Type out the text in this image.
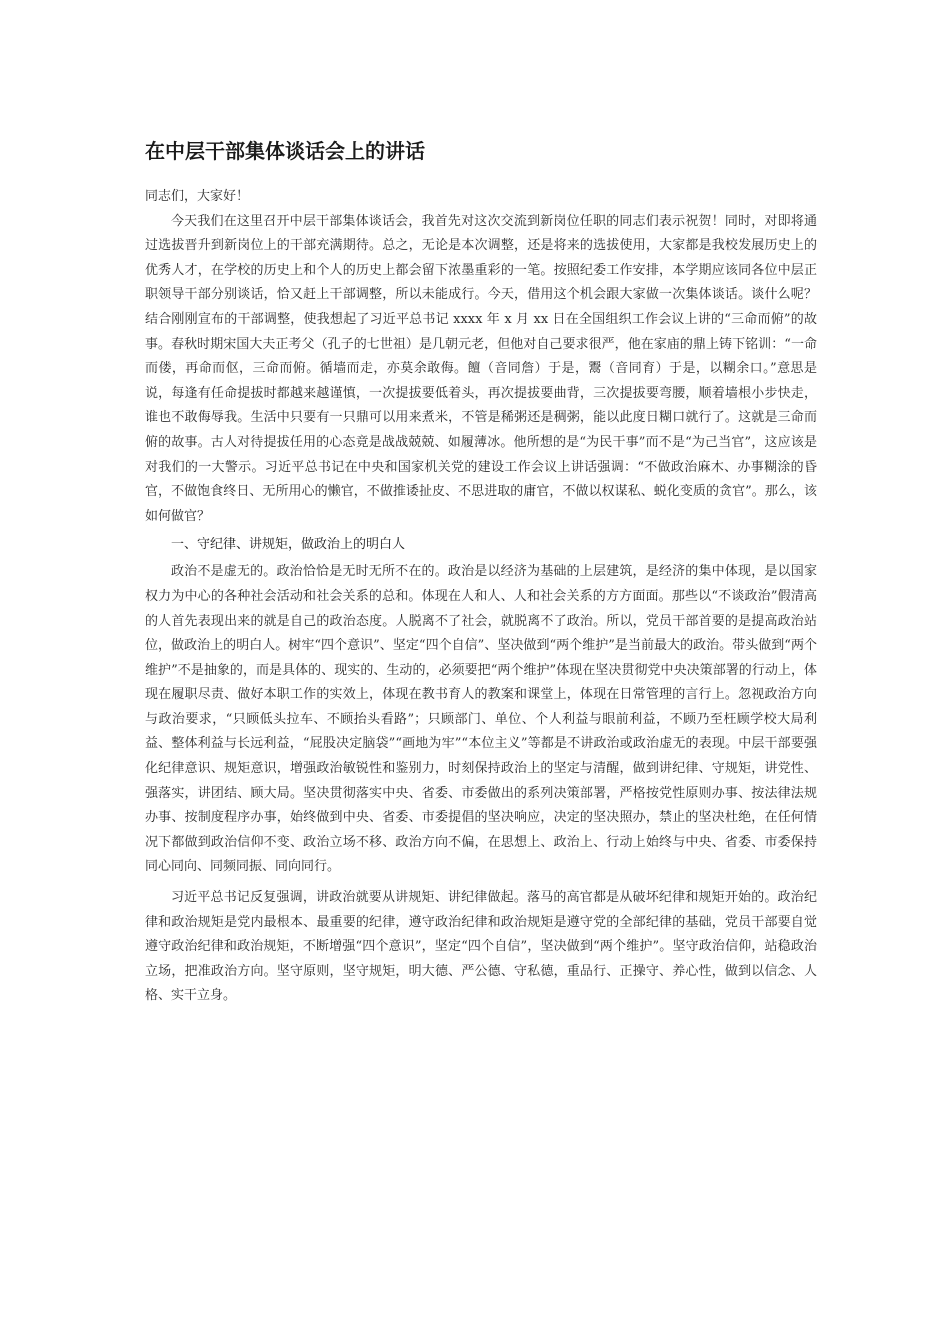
在中层干部集体谈话会上的讲话

同志们，大家好！

今天我们在这里召开中层干部集体谈话会，我首先对这次交流到新岗位任职的同志们表示祝贺！同时，对即将通过选拔晋升到新岗位上的干部充满期待。总之，无论是本次调整，还是将来的选拔使用，大家都是我校发展历史上的优秀人才，在学校的历史上和个人的历史上都会留下浓墨重彩的一笔。按照纪委工作安排，本学期应该同各位中层正职领导干部分别谈话，恰又赶上干部调整，所以未能成行。今天，借用这个机会跟大家做一次集体谈话。谈什么呢？结合刚刚宣布的干部调整，使我想起了习近平总书记 xxxx 年 x 月 xx 日在全国组织工作会议上讲的“三命而俯”的故事。春秋时期宋国大夫正考父（孔子的七世祖）是几朝元老，但他对自己要求很严，他在家庙的鼎上铸下铭训：“一命而偻，再命而伛，三命而俯。循墙而走，亦莫余敢侮。饘（音同詹）于是，鬻（音同育）于是，以糊余口。”意思是说，每逢有任命提拔时都越来越谨慎，一次提拔要低着头，再次提拔要曲背，三次提拔要弯腰，顺着墙根小步快走，谁也不敢侮辱我。生活中只要有一只鼎可以用来煮米，不管是稀粥还是稠粥，能以此度日糊口就行了。这就是三命而俯的故事。古人对待提拔任用的心态竟是战战兢兢、如履薄冰。他所想的是“为民干事”而不是“为己当官”，这应该是对我们的一大警示。习近平总书记在中央和国家机关党的建设工作会议上讲话强调：“不做政治麻木、办事糊涂的昏官，不做饱食终日、无所用心的懒官，不做推诿扯皮、不思进取的庸官，不做以权谋私、蜕化变质的贪官”。那么，该如何做官？

一、守纪律、讲规矩，做政治上的明白人

政治不是虚无的。政治恰恰是无时无所不在的。政治是以经济为基础的上层建筑，是经济的集中体现，是以国家权力为中心的各种社会活动和社会关系的总和。体现在人和人、人和社会关系的方方面面。那些以“不谈政治”假清高的人首先表现出来的就是自己的政治态度。人脱离不了社会，就脱离不了政治。所以，党员干部首要的是提高政治站位，做政治上的明白人。树牢“四个意识”、坚定“四个自信”、坚决做到“两个维护”是当前最大的政治。带头做到“两个维护”不是抽象的，而是具体的、现实的、生动的，必须要把“两个维护”体现在坚决贯彻党中央决策部署的行动上，体现在履职尽责、做好本职工作的实效上，体现在教书育人的教案和课堂上，体现在日常管理的言行上。忽视政治方向与政治要求，“只顾低头拉车、不顾抬头看路”；只顾部门、单位、个人利益与眼前利益，不顾乃至枉顾学校大局利益、整体利益与长远利益，“屁股决定脑袋”“画地为牢”“本位主义”等都是不讲政治或政治虚无的表现。中层干部要强化纪律意识、规矩意识，增强政治敏锐性和鉴别力，时刻保持政治上的坚定与清醒，做到讲纪律、守规矩，讲党性、强落实，讲团结、顾大局。坚决贯彻落实中央、省委、市委做出的系列决策部署，严格按党性原则办事、按法律法规办事、按制度程序办事，始终做到中央、省委、市委提倡的坚决响应，决定的坚决照办，禁止的坚决杜绝，在任何情况下都做到政治信仰不变、政治立场不移、政治方向不偏，在思想上、政治上、行动上始终与中央、省委、市委保持同心同向、同频同振、同向同行。

习近平总书记反复强调，讲政治就要从讲规矩、讲纪律做起。落马的高官都是从破坏纪律和规矩开始的。政治纪律和政治规矩是党内最根本、最重要的纪律，遵守政治纪律和政治规矩是遵守党的全部纪律的基础，党员干部要自觉遵守政治纪律和政治规矩，不断增强“四个意识”，坚定“四个自信”，坚决做到“两个维护”。坚守政治信仰，站稳政治立场，把准政治方向。坚守原则，坚守规矩，明大德、严公德、守私德，重品行、正操守、养心性，做到以信念、人格、实干立身。
